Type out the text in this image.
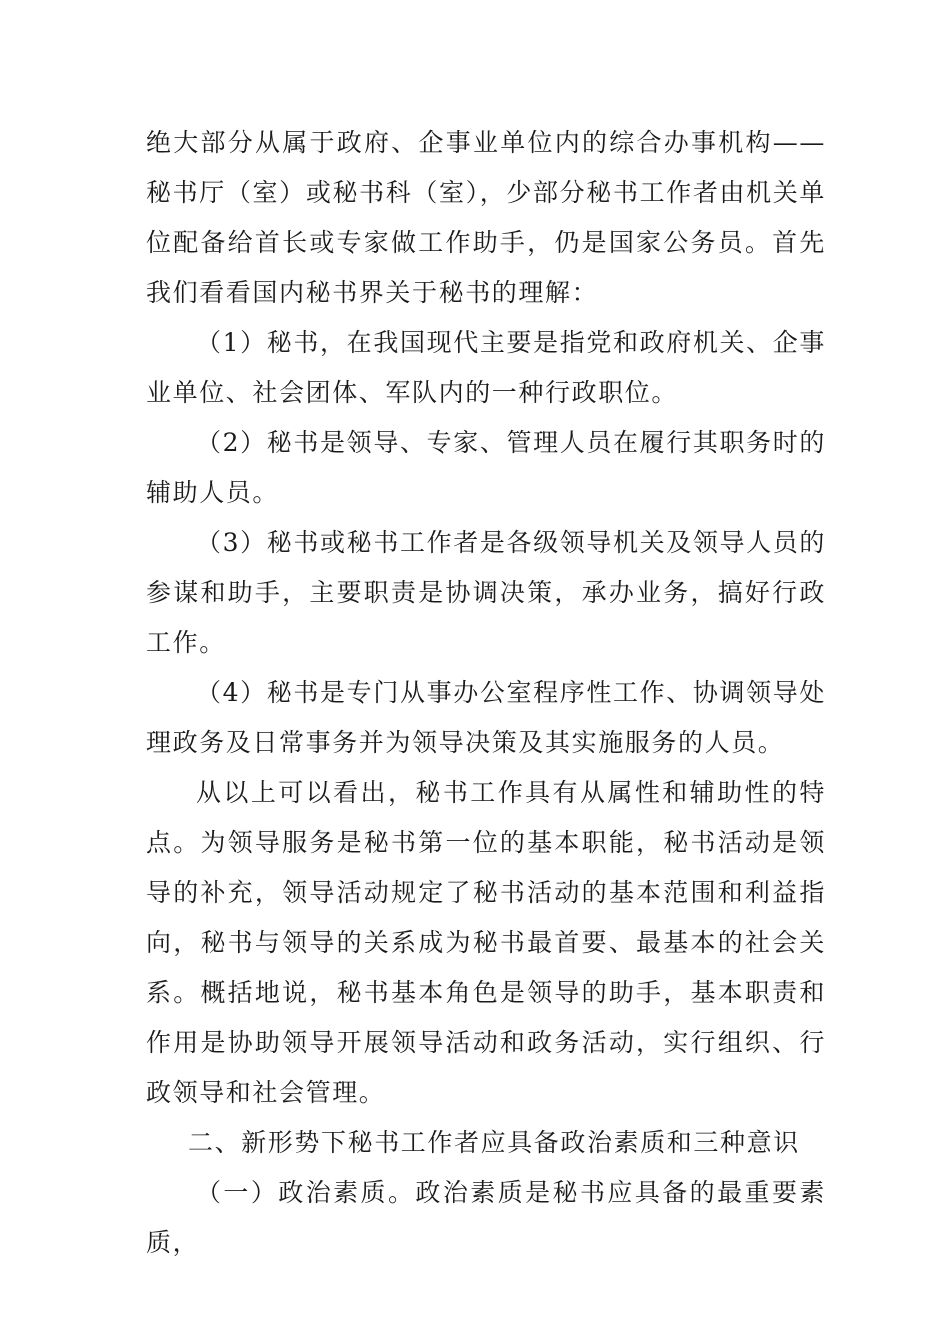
绝大部分从属于政府、企事业单位内的综合办事机构——秘书厅（室）或秘书科（室），少部分秘书工作者由机关单位配备给首长或专家做工作助手，仍是国家公务员。首先我们看看国内秘书界关于秘书的理解：

（1）秘书，在我国现代主要是指党和政府机关、企事业单位、社会团体、军队内的一种行政职位。

（2）秘书是领导、专家、管理人员在履行其职务时的辅助人员。

（3）秘书或秘书工作者是各级领导机关及领导人员的参谋和助手，主要职责是协调决策，承办业务，搞好行政工作。

（4）秘书是专门从事办公室程序性工作、协调领导处理政务及日常事务并为领导决策及其实施服务的人员。

从以上可以看出，秘书工作具有从属性和辅助性的特点。为领导服务是秘书第一位的基本职能，秘书活动是领导的补充，领导活动规定了秘书活动的基本范围和利益指向，秘书与领导的关系成为秘书最首要、最基本的社会关系。概括地说，秘书基本角色是领导的助手，基本职责和作用是协助领导开展领导活动和政务活动，实行组织、行政领导和社会管理。

二、新形势下秘书工作者应具备政治素质和三种意识

（一）政治素质。政治素质是秘书应具备的最重要素质，
